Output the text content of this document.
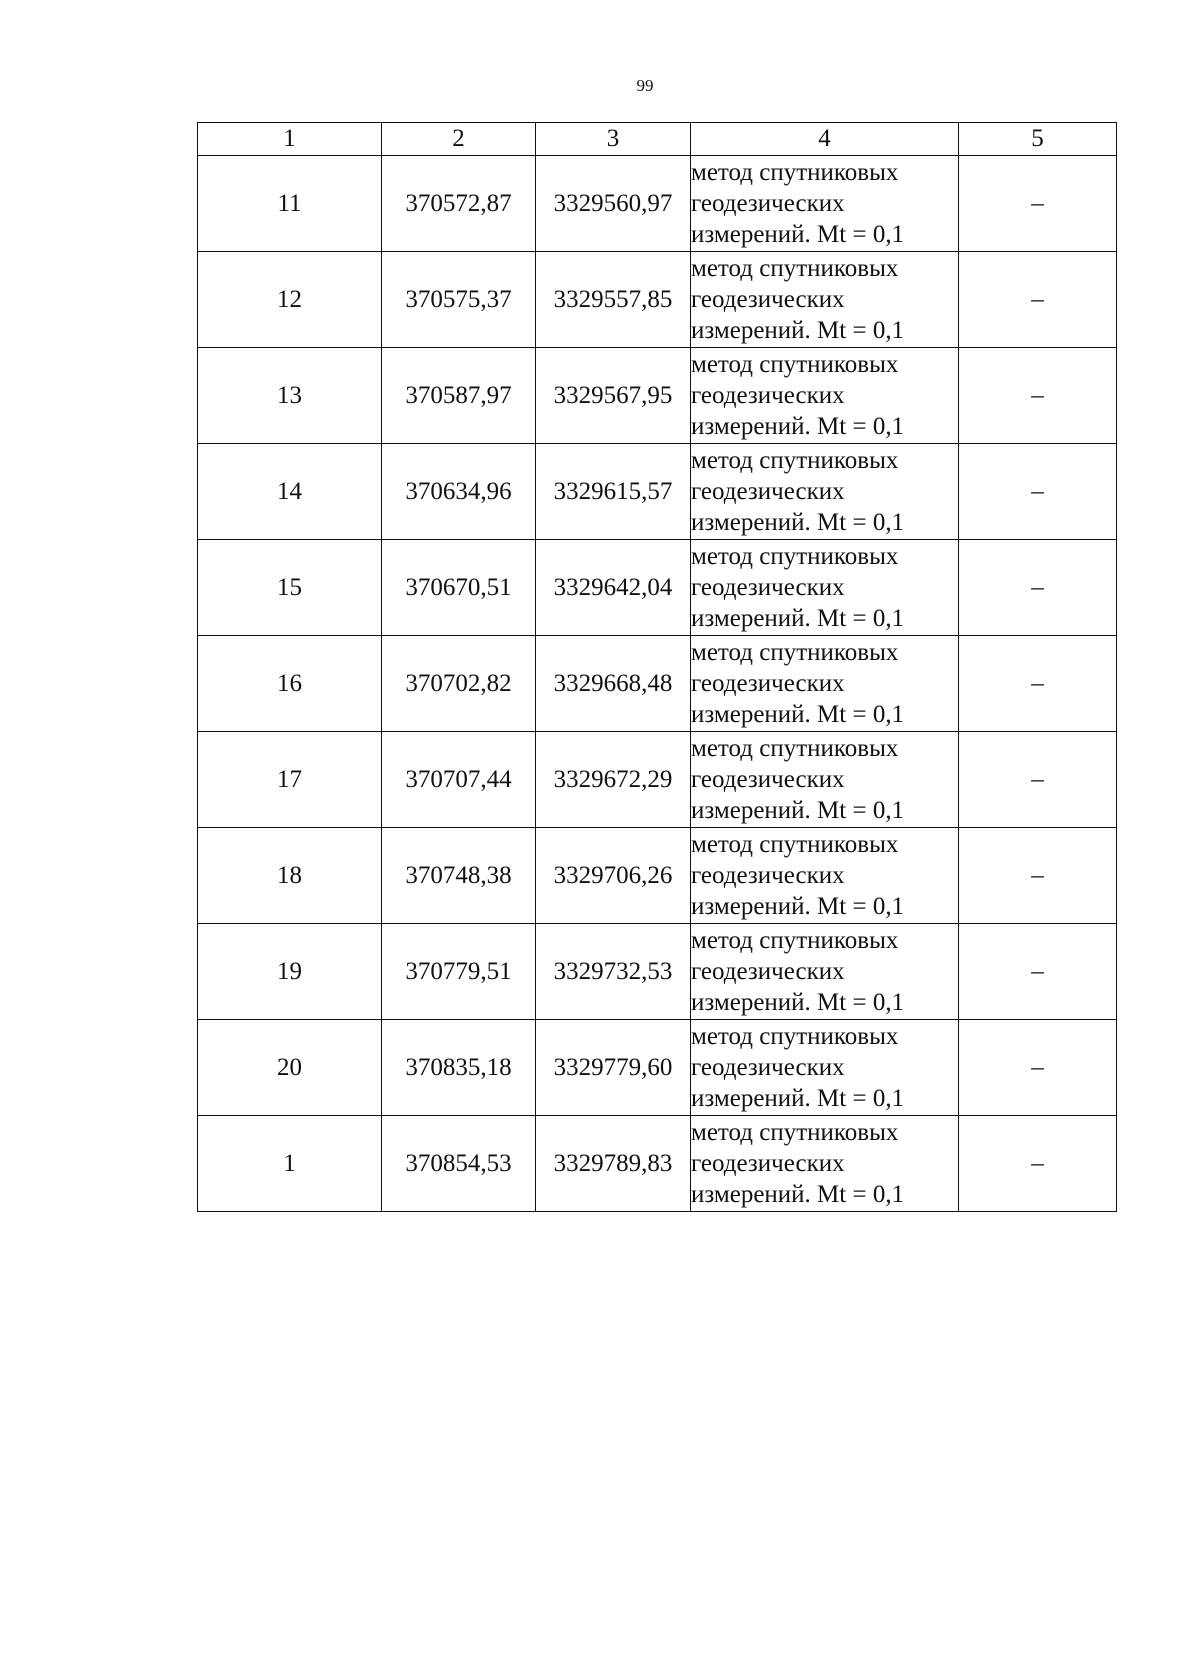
99
1	2	3	4	5
11	370572,87	3329560,97	метод спутниковых
геодезических
измерений. Mt = 0,1	–
12	370575,37	3329557,85	метод спутниковых
геодезических
измерений. Mt = 0,1	–
13	370587,97	3329567,95	метод спутниковых
геодезических
измерений. Mt = 0,1	–
14	370634,96	3329615,57	метод спутниковых
геодезических
измерений. Mt = 0,1	–
15	370670,51	3329642,04	метод спутниковых
геодезических
измерений. Mt = 0,1	–
16	370702,82	3329668,48	метод спутниковых
геодезических
измерений. Mt = 0,1	–
17	370707,44	3329672,29	метод спутниковых
геодезических
измерений. Mt = 0,1	–
18	370748,38	3329706,26	метод спутниковых
геодезических
измерений. Mt = 0,1	–
19	370779,51	3329732,53	метод спутниковых
геодезических
измерений. Mt = 0,1	–
20	370835,18	3329779,60	метод спутниковых
геодезических
измерений. Mt = 0,1	–
1	370854,53	3329789,83	метод спутниковых
геодезических
измерений. Mt = 0,1	–
